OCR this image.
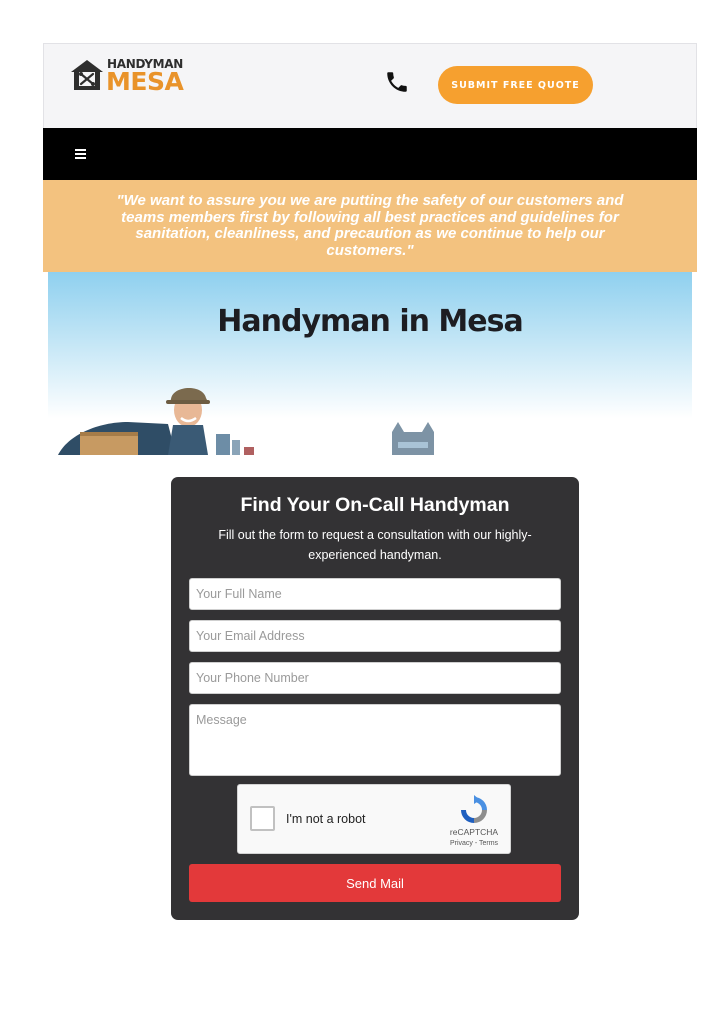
HANDYMAN
MESA	SUBMIT FREE QUOTE

"We want to assure you we are putting the safety of our customers and teams members first by following all best practices and guidelines for sanitation, cleanliness, and precaution as we continue to help our customers."

Handyman in Mesa
Find Your On-Call Handyman

Fill out the form to request a consultation with our highly-experienced handyman.

Your Full Name
Your Email Address
Your Phone Number
Message
I'm not a robot
reCAPTCHA
Privacy - Terms
Send Mail
